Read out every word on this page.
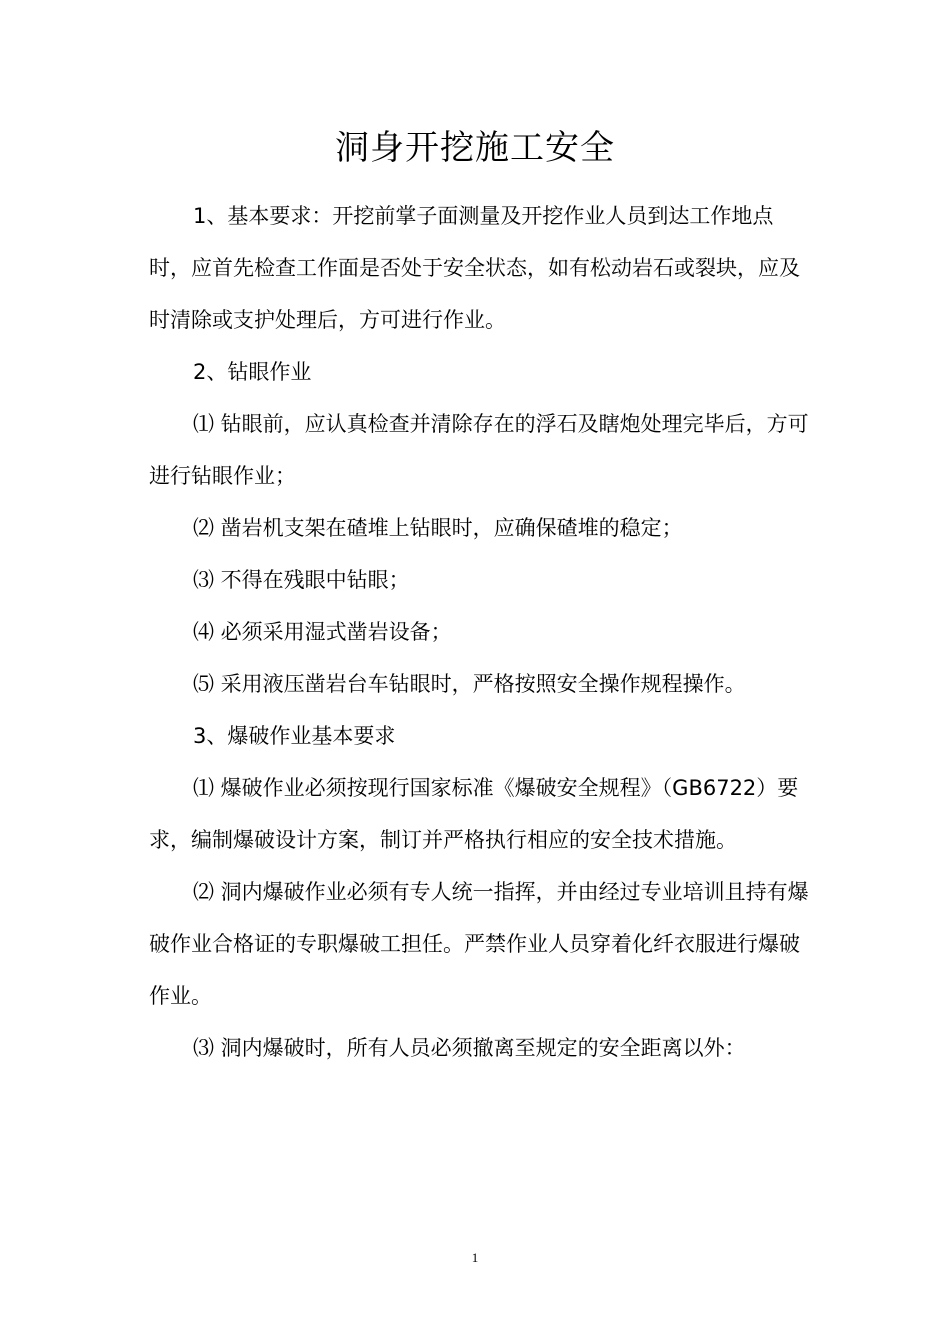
洞身开挖施工安全

1、基本要求：开挖前掌子面测量及开挖作业人员到达工作地点时，应首先检查工作面是否处于安全状态，如有松动岩石或裂块，应及时清除或支护处理后，方可进行作业。

2、钻眼作业

⑴ 钻眼前，应认真检查并清除存在的浮石及瞎炮处理完毕后，方可进行钻眼作业；

⑵ 凿岩机支架在碴堆上钻眼时，应确保碴堆的稳定；

⑶ 不得在残眼中钻眼；

⑷ 必须采用湿式凿岩设备；

⑸ 采用液压凿岩台车钻眼时，严格按照安全操作规程操作。

3、爆破作业基本要求

⑴ 爆破作业必须按现行国家标准《爆破安全规程》（GB6722）要求，编制爆破设计方案，制订并严格执行相应的安全技术措施。

⑵ 洞内爆破作业必须有专人统一指挥，并由经过专业培训且持有爆破作业合格证的专职爆破工担任。严禁作业人员穿着化纤衣服进行爆破作业。

⑶ 洞内爆破时，所有人员必须撤离至规定的安全距离以外：

1
